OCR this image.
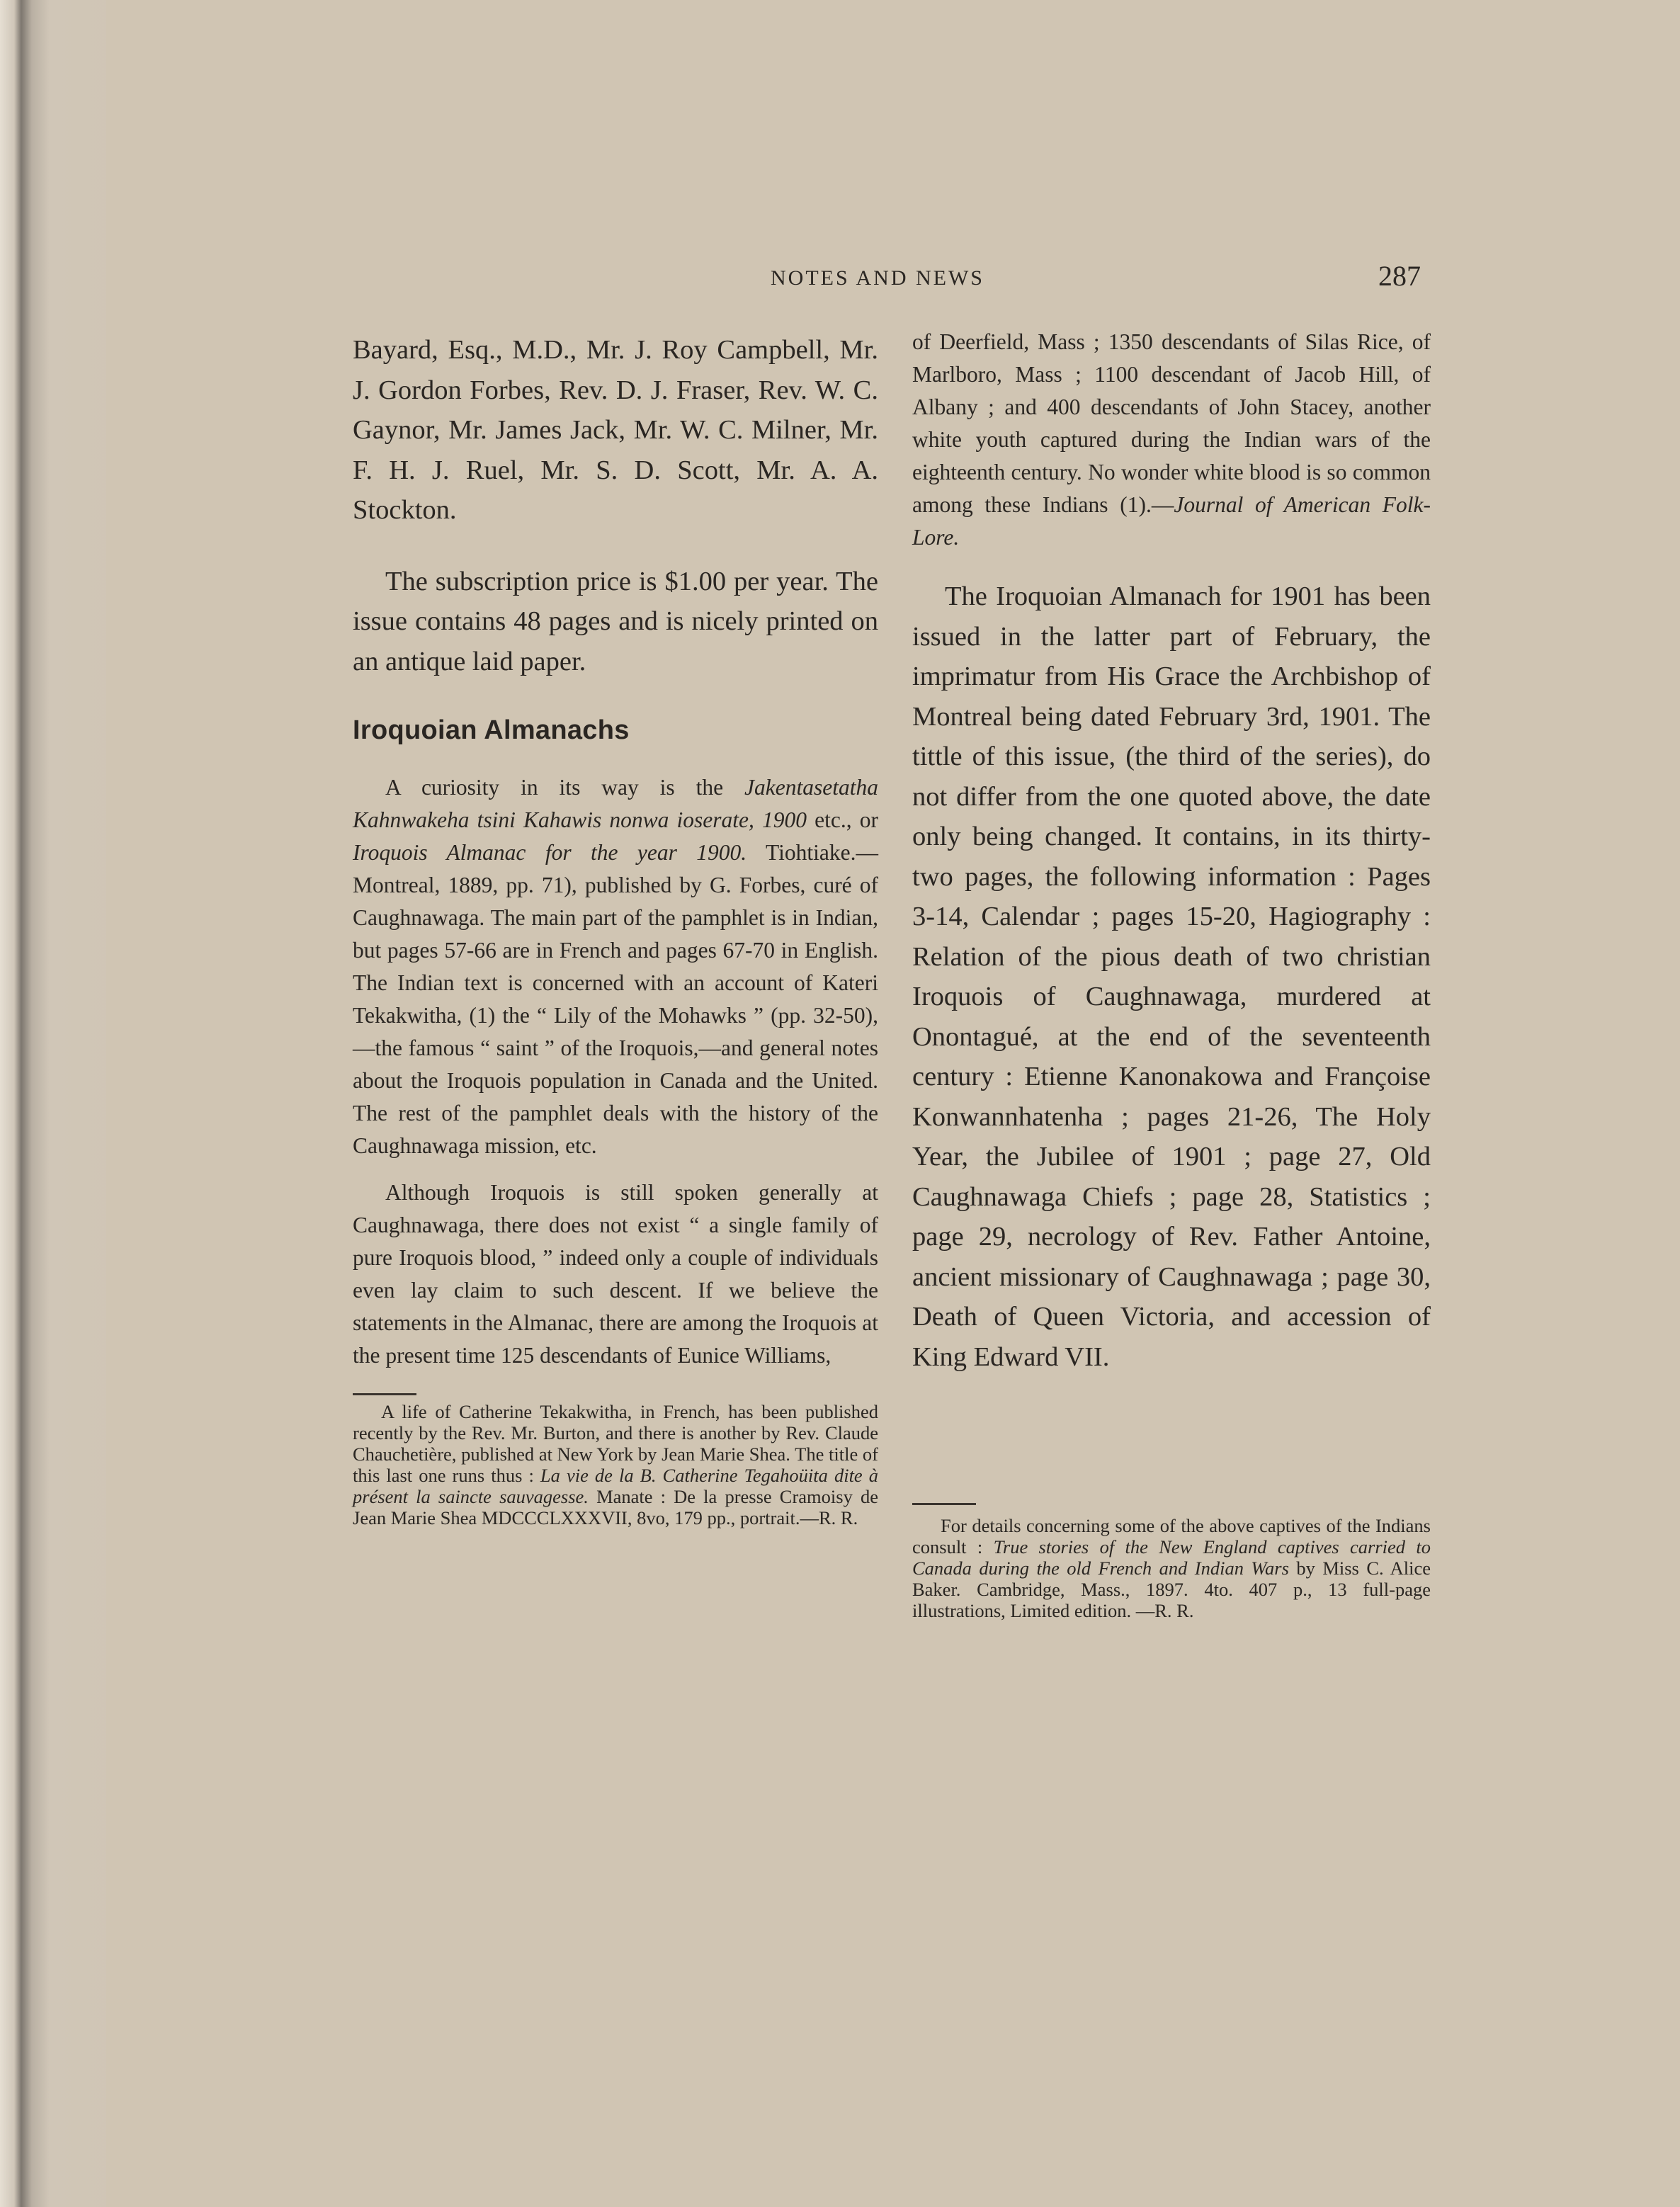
NOTES AND NEWS	287

Bayard, Esq., M.D., Mr. J. Roy Campbell, Mr. J. Gordon Forbes, Rev. D. J. Fraser, Rev. W. C. Gaynor, Mr. James Jack, Mr. W. C. Milner, Mr. F. H. J. Ruel, Mr. S. D. Scott, Mr. A. A. Stockton.

The subscription price is $1.00 per year. The issue contains 48 pages and is nicely printed on an antique laid paper.

Iroquoian Almanachs

A curiosity in its way is the Jakentasetatha Kahnwakeha tsini Kahawis nonwa ioserate, 1900 etc., or Iroquois Almanac for the year 1900. Tiohtiake.—Montreal, 1889, pp. 71), published by G. Forbes, curé of Caughnawaga. The main part of the pamphlet is in Indian, but pages 57-66 are in French and pages 67-70 in English. The Indian text is concerned with an account of Kateri Tekakwitha, (1) the “ Lily of the Mohawks ” (pp. 32-50),—the famous “ saint ” of the Iroquois,—and general notes about the Iroquois population in Canada and the United. The rest of the pamphlet deals with the history of the Caughnawaga mission, etc.

Although Iroquois is still spoken generally at Caughnawaga, there does not exist “ a single family of pure Iroquois blood, ” indeed only a couple of individuals even lay claim to such descent. If we believe the statements in the Almanac, there are among the Iroquois at the present time 125 descendants of Eunice Williams,

A life of Catherine Tekakwitha, in French, has been published recently by the Rev. Mr. Burton, and there is another by Rev. Claude Chauchetière, published at New York by Jean Marie Shea. The title of this last one runs thus : La vie de la B. Catherine Tegahoüita dite à présent la saincte sauvagesse. Manate : De la presse Cramoisy de Jean Marie Shea MDCCCLXXXVII, 8vo, 179 pp., portrait.—R. R.

of Deerfield, Mass ; 1350 descendants of Silas Rice, of Marlboro, Mass ; 1100 descendant of Jacob Hill, of Albany ; and 400 descendants of John Stacey, another white youth captured during the Indian wars of the eighteenth century. No wonder white blood is so common among these Indians (1).—Journal of American Folk-Lore.

The Iroquoian Almanach for 1901 has been issued in the latter part of February, the imprimatur from His Grace the Archbishop of Montreal being dated February 3rd, 1901. The tittle of this issue, (the third of the series), do not differ from the one quoted above, the date only being changed. It contains, in its thirty-two pages, the following information : Pages 3-14, Calendar ; pages 15-20, Hagiography : Relation of the pious death of two christian Iroquois of Caughnawaga, murdered at Onontagué, at the end of the seventeenth century : Etienne Kanonakowa and Françoise Konwannhatenha ; pages 21-26, The Holy Year, the Jubilee of 1901 ; page 27, Old Caughnawaga Chiefs ; page 28, Statistics ; page 29, necrology of Rev. Father Antoine, ancient missionary of Caughnawaga ; page 30, Death of Queen Victoria, and accession of King Edward VII.

For details concerning some of the above captives of the Indians consult : True stories of the New England captives carried to Canada during the old French and Indian Wars by Miss C. Alice Baker. Cambridge, Mass., 1897. 4to. 407 p., 13 full-page illustrations, Limited edition. —R. R.
